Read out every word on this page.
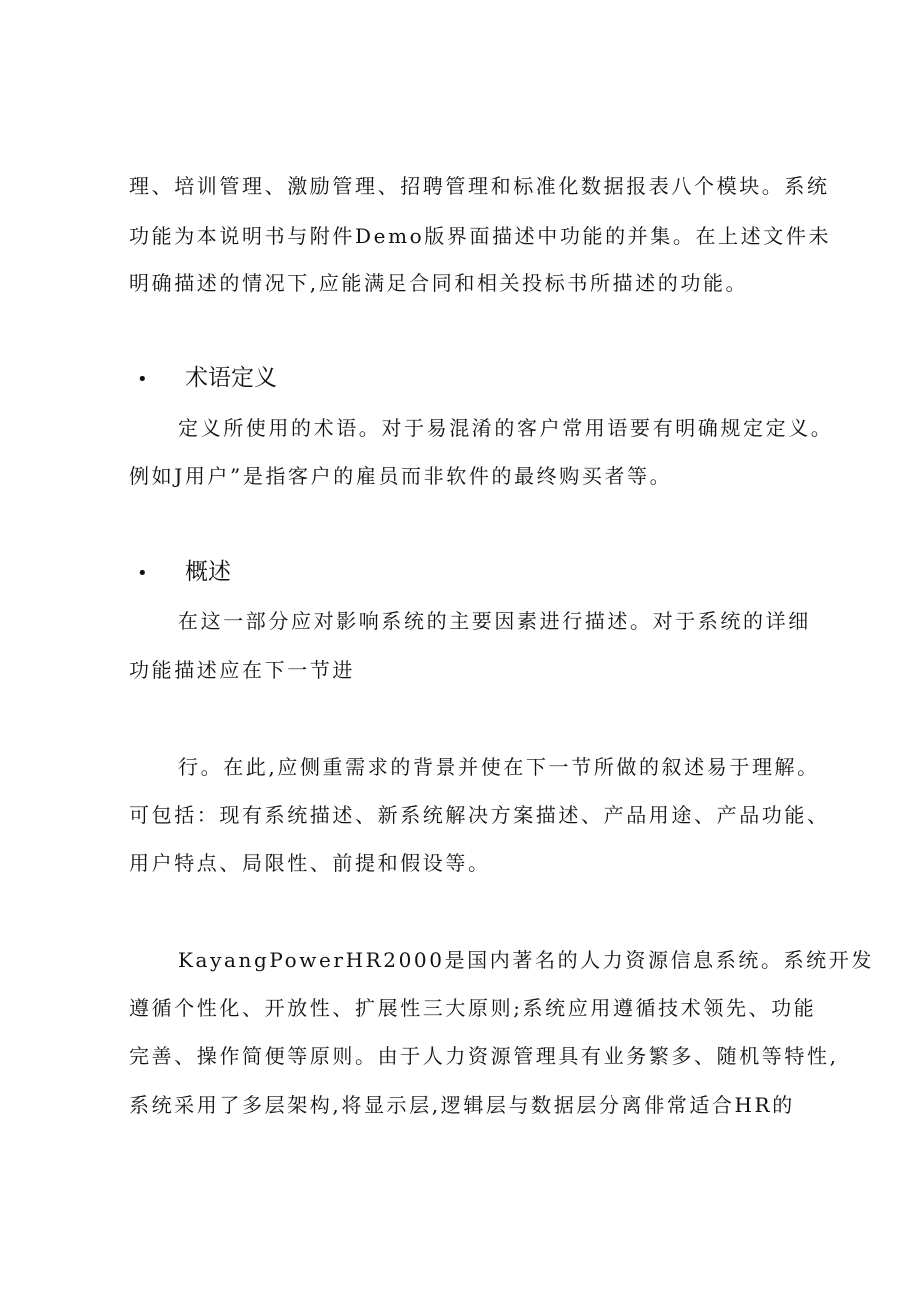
理、培训管理、激励管理、招聘管理和标准化数据报表八个模块。系统
功能为本说明书与附件Demo版界面描述中功能的并集。在上述文件未
明确描述的情况下,应能满足合同和相关投标书所描述的功能。
• 术语定义
定义所使用的术语。对于易混淆的客户常用语要有明确规定定义。
例如J用户”是指客户的雇员而非软件的最终购买者等。
• 概述
在这一部分应对影响系统的主要因素进行描述。对于系统的详细
功能描述应在下一节进
行。在此,应侧重需求的背景并使在下一节所做的叙述易于理解。
可包括：现有系统描述、新系统解决方案描述、产品用途、产品功能、
用户特点、局限性、前提和假设等。
KayangPowerHR2000是国内著名的人力资源信息系统。系统开发
遵循个性化、开放性、扩展性三大原则;系统应用遵循技术领先、功能
完善、操作简便等原则。由于人力资源管理具有业务繁多、随机等特性,
系统采用了多层架构,将显示层,逻辑层与数据层分离俳常适合HR的
